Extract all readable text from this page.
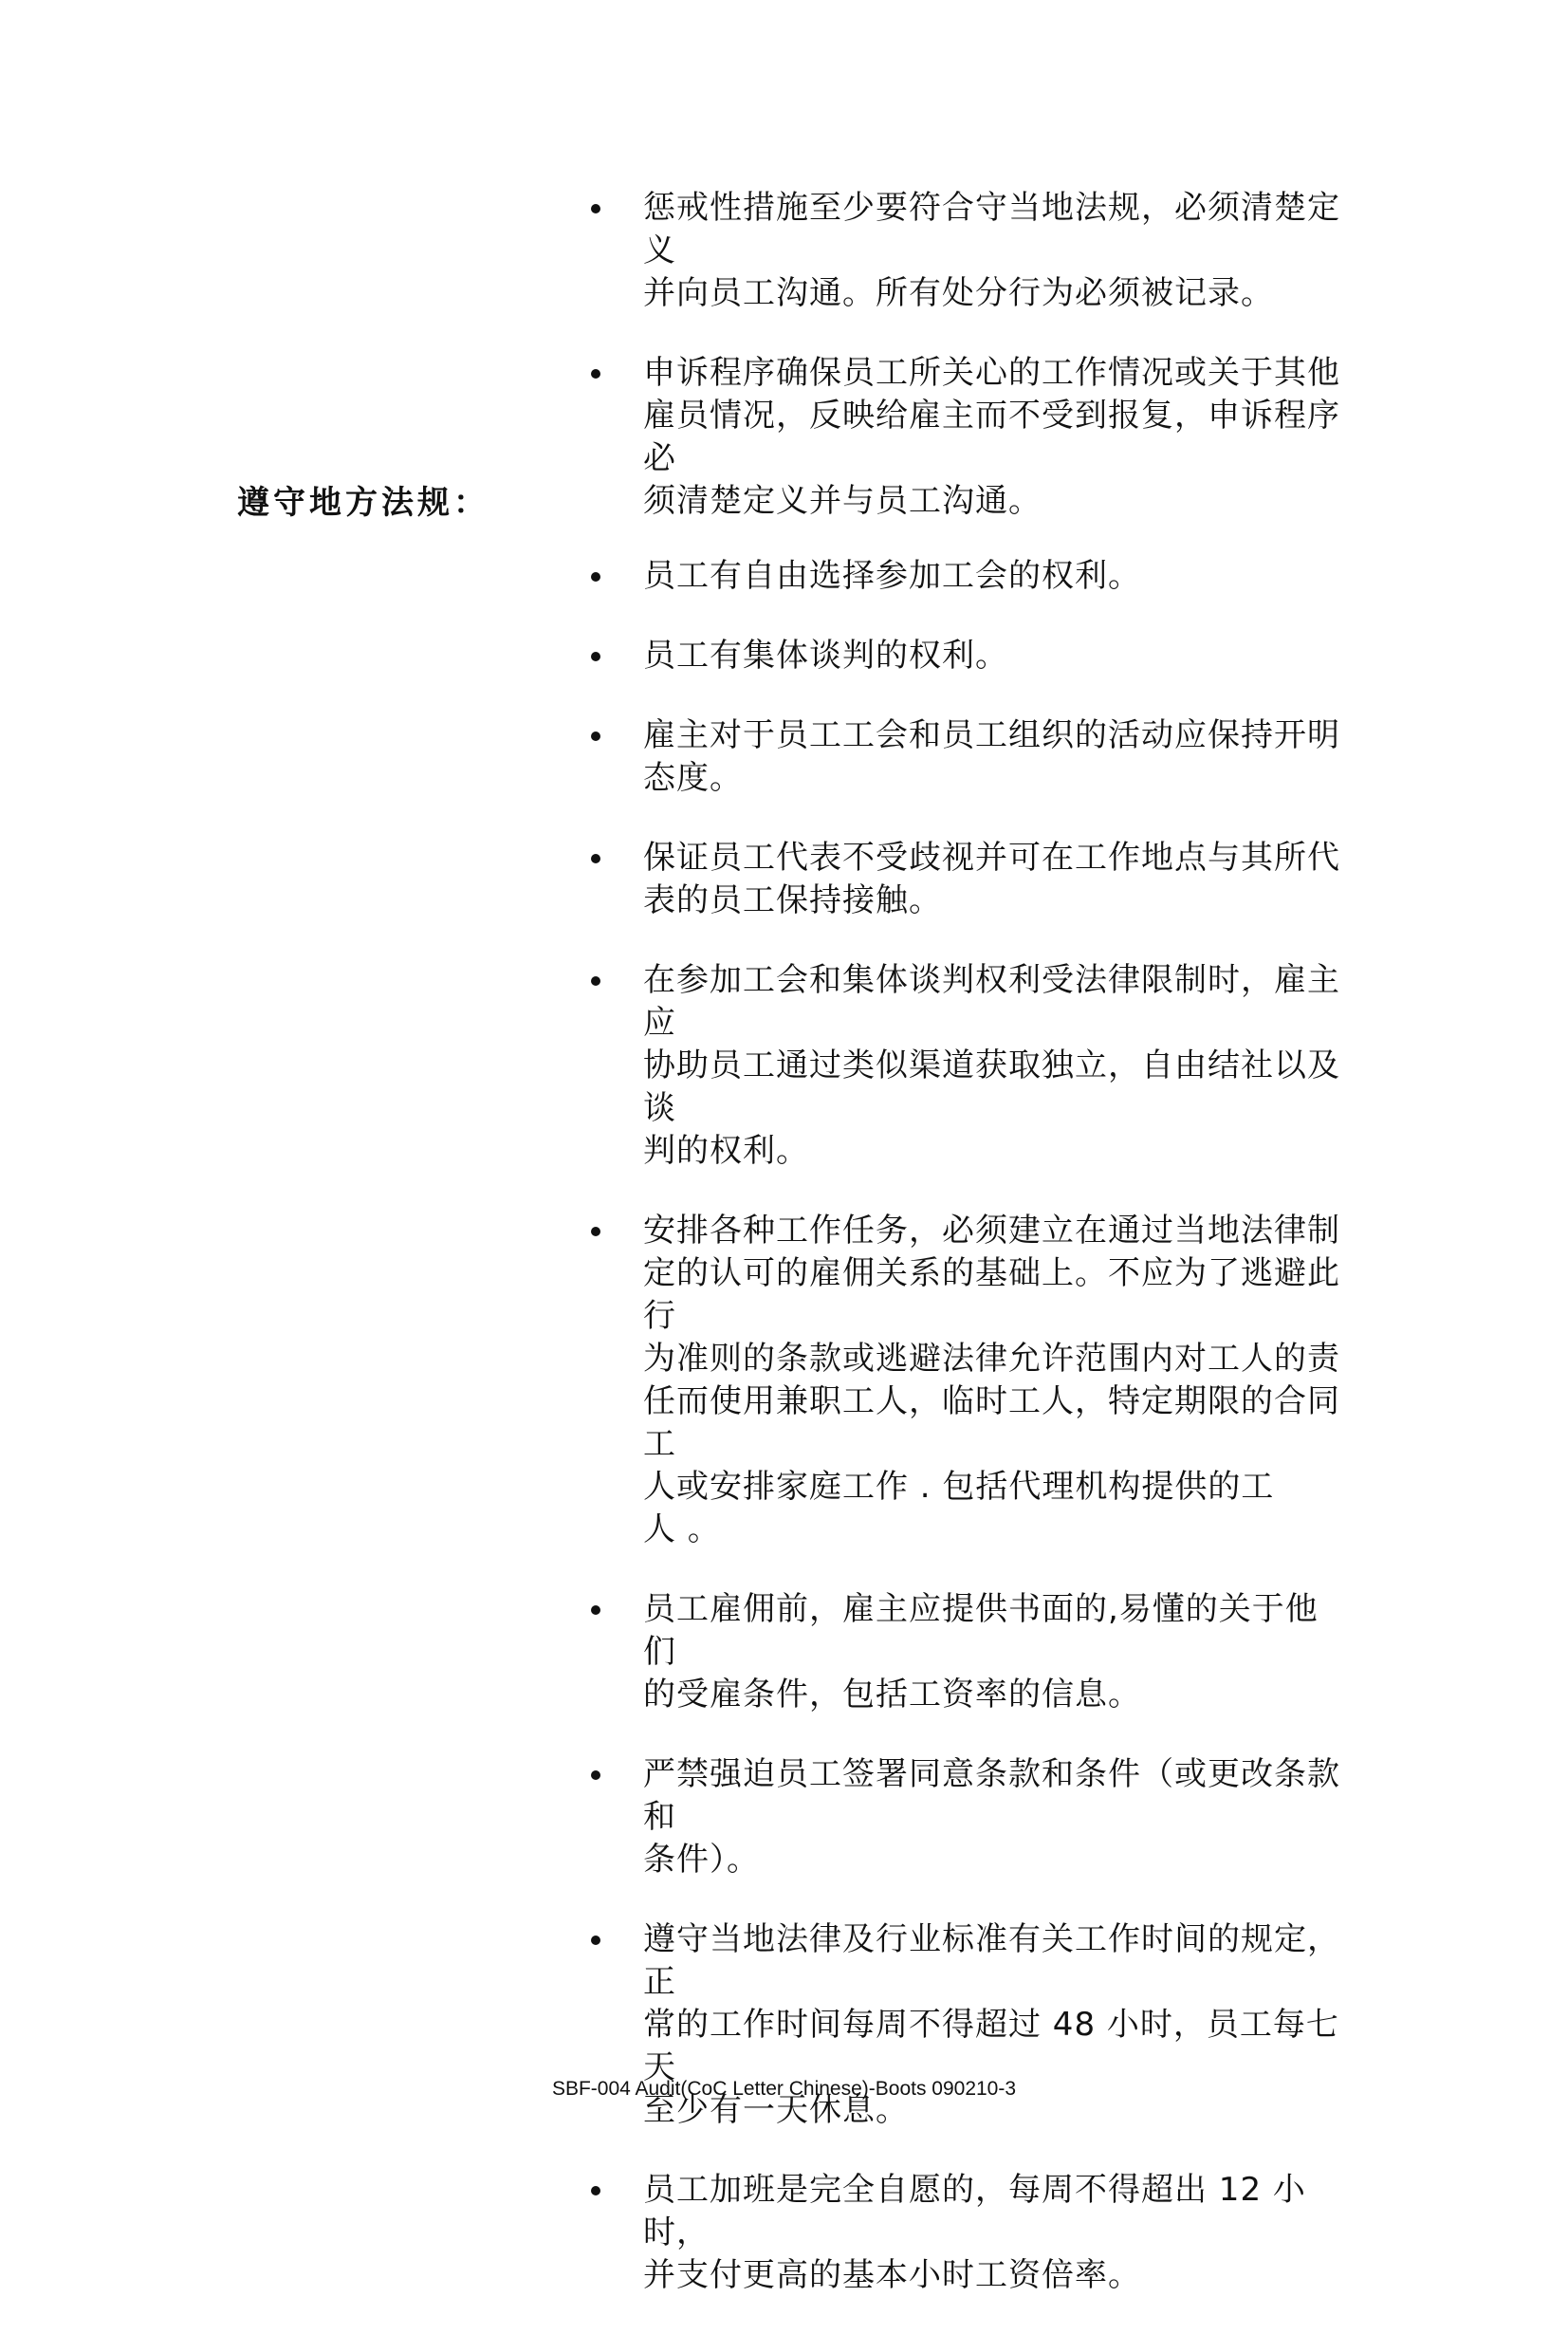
惩戒性措施至少要符合守当地法规，必须清楚定义
并向员工沟通。所有处分行为必须被记录。
申诉程序确保员工所关心的工作情况或关于其他
雇员情况，反映给雇主而不受到报复，申诉程序必
须清楚定义并与员工沟通。
遵守地方法规：
员工有自由选择参加工会的权利。
员工有集体谈判的权利。
雇主对于员工工会和员工组织的活动应保持开明
态度。
保证员工代表不受歧视并可在工作地点与其所代
表的员工保持接触。
在参加工会和集体谈判权利受法律限制时，雇主应
协助员工通过类似渠道获取独立，自由结社以及谈
判的权利。
安排各种工作任务，必须建立在通过当地法律制
定的认可的雇佣关系的基础上。不应为了逃避此行
为准则的条款或逃避法律允许范围内对工人的责
任而使用兼职工人，临时工人，特定期限的合同工
人或安排家庭工作 . 包括代理机构提供的工
人 。
员工雇佣前，雇主应提供书面的,易懂的关于他们
的受雇条件，包括工资率的信息。
严禁强迫员工签署同意条款和条件（或更改条款和
条件）。
遵守当地法律及行业标准有关工作时间的规定，正
常的工作时间每周不得超过 48 小时，员工每七天
至少有一天休息。
员工加班是完全自愿的，每周不得超出 12 小时，
并支付更高的基本小时工资倍率。
SBF-004 Audit(CoC Letter Chinese)-Boots 090210-3
